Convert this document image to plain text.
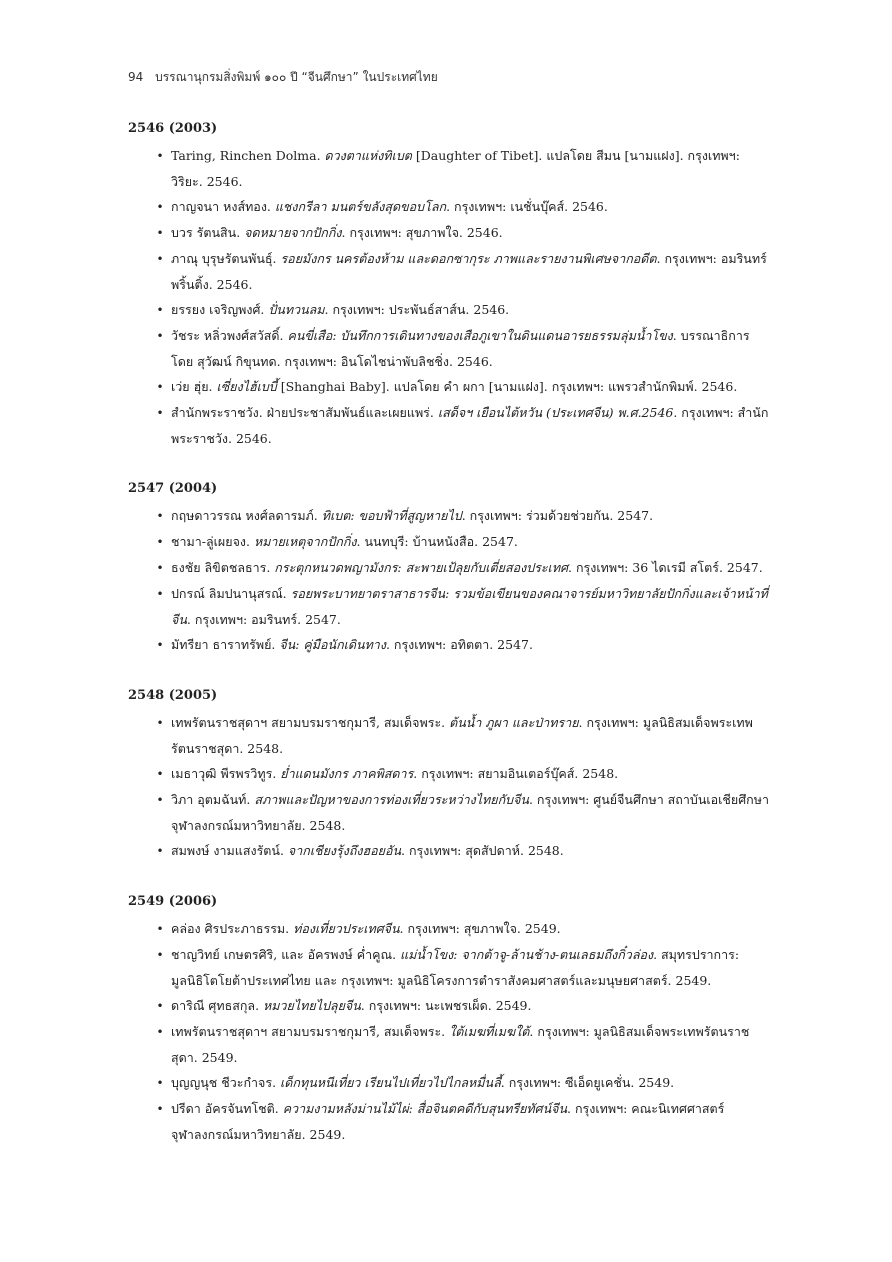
94 บรรณานุกรมสิ่งพิมพ์ ๑๐๐ ปี “จีนศึกษา” ในประเทศไทย
2546 (2003)
• Taring, Rinchen Dolma. ดวงตาแห่งทิเบต [Daughter of Tibet]. แปลโดย สีมน [นามแฝง]. กรุงเทพฯ: วิริยะ. 2546.
• กาญจนา หงส์ทอง. แชงกรีลา มนตร์ขลังสุดขอบโลก. กรุงเทพฯ: เนชั่นบุ๊คส์. 2546.
• บวร รัตนสิน. จดหมายจากปักกิ่ง. กรุงเทพฯ: สุขภาพใจ. 2546.
• ภาณุ บุรุษรัตนพันธุ์. รอยมังกร นครต้องห้าม และดอกซากุระ ภาพและรายงานพิเศษจากอดีต. กรุงเทพฯ: อมรินทร์พริ้นติ้ง. 2546.
• ยรรยง เจริญพงศ์. ปั่นทวนลม. กรุงเทพฯ: ประพันธ์สาส์น. 2546.
• วัชระ หลิ่วพงศ์สวัสดิ์. คนขี่เสือ: บันทึกการเดินทางของเสือภูเขาในดินแดนอารยธรรมลุ่มน้ำโขง. บรรณาธิการโดย สุวัฒน์ กิขุนทด. กรุงเทพฯ: อินโดไชน่าพับลิชชิ่ง. 2546.
• เว่ย ฮุ่ย. เซี่ยงไฮ้เบบี้ [Shanghai Baby]. แปลโดย คำ ผกา [นามแฝง]. กรุงเทพฯ: แพรวสำนักพิมพ์. 2546.
• สำนักพระราชวัง. ฝ่ายประชาสัมพันธ์และเผยแพร่. เสด็จฯ เยือนไต้หวัน (ประเทศจีน) พ.ศ.2546. กรุงเทพฯ: สำนักพระราชวัง. 2546.
2547 (2004)
• กฤษดาวรรณ หงศ์ลดารมภ์. ทิเบต: ขอบฟ้าที่สูญหายไป. กรุงเทพฯ: ร่วมด้วยช่วยกัน. 2547.
• ชามา-ลู่เผยจง. หมายเหตุจากปักกิ่ง. นนทบุรี: บ้านหนังสือ. 2547.
• ธงชัย ลิขิตชลธาร. กระตุกหนวดพญามังกร: สะพายเป้ลุยกับเตี่ยสองประเทศ. กรุงเทพฯ: 36 ไดเรมี สโตร์. 2547.
• ปกรณ์ ลิมปนานุสรณ์. รอยพระบาทยาตราสาธารจีน: รวมข้อเขียนของคณาจารย์มหาวิทยาลัยปักกิ่งและเจ้าหน้าที่จีน. กรุงเทพฯ: อมรินทร์. 2547.
• มัทรียา ธาราทรัพย์. จีน: คู่มือนักเดินทาง. กรุงเทพฯ: อทิตตา. 2547.
2548 (2005)
• เทพรัตนราชสุดาฯ สยามบรมราชกุมารี, สมเด็จพระ. ต้นน้ำ ภูผา และป่าทราย. กรุงเทพฯ: มูลนิธิสมเด็จพระเทพรัตนราชสุดา. 2548.
• เมธาวุฒิ พีรพรวิทูร. ย่ำแดนมังกร ภาคพิสดาร. กรุงเทพฯ: สยามอินเตอร์บุ๊คส์. 2548.
• วิภา อุตมฉันท์. สภาพและปัญหาของการท่องเที่ยวระหว่างไทยกับจีน. กรุงเทพฯ: ศูนย์จีนศึกษา สถาบันเอเชียศึกษา จุฬาลงกรณ์มหาวิทยาลัย. 2548.
• สมพงษ์ งามแสงรัตน์. จากเชียงรุ้งถึงฮอยอัน. กรุงเทพฯ: สุดสัปดาห์. 2548.
2549 (2006)
• คล่อง ศิรประภาธรรม. ท่องเที่ยวประเทศจีน. กรุงเทพฯ: สุขภาพใจ. 2549.
• ชาญวิทย์ เกษตรศิริ, และ อัครพงษ์ ค่ำคูณ. แม่น้ำโขง: จากต้าจู-ล้านช้าง-ตนเลธมถึงกิ๋วล่อง. สมุทรปราการ: มูลนิธิโตโยต้าประเทศไทย และ กรุงเทพฯ: มูลนิธิโครงการตำราสังคมศาสตร์และมนุษยศาสตร์. 2549.
• ดาริณี ศุทธสกุล. หมวยไทยไปลุยจีน. กรุงเทพฯ: นะเพชรเผ็ด. 2549.
• เทพรัตนราชสุดาฯ สยามบรมราชกุมารี, สมเด็จพระ. ใต้เมฆที่เมฆใต้. กรุงเทพฯ: มูลนิธิสมเด็จพระเทพรัตนราชสุดา. 2549.
• บุญญนุช ชีวะกำจร. เด็กทุนหนีเที่ยว เรียนไปเที่ยวไปไกลหมื่นลี้. กรุงเทพฯ: ซีเอ็ดยูเคชั่น. 2549.
• ปรีดา อัครจันทโชติ. ความงามหลังม่านไม้ไผ่: สื่อจินตคดีกับสุนทรียทัศน์จีน. กรุงเทพฯ: คณะนิเทศศาสตร์ จุฬาลงกรณ์มหาวิทยาลัย. 2549.
